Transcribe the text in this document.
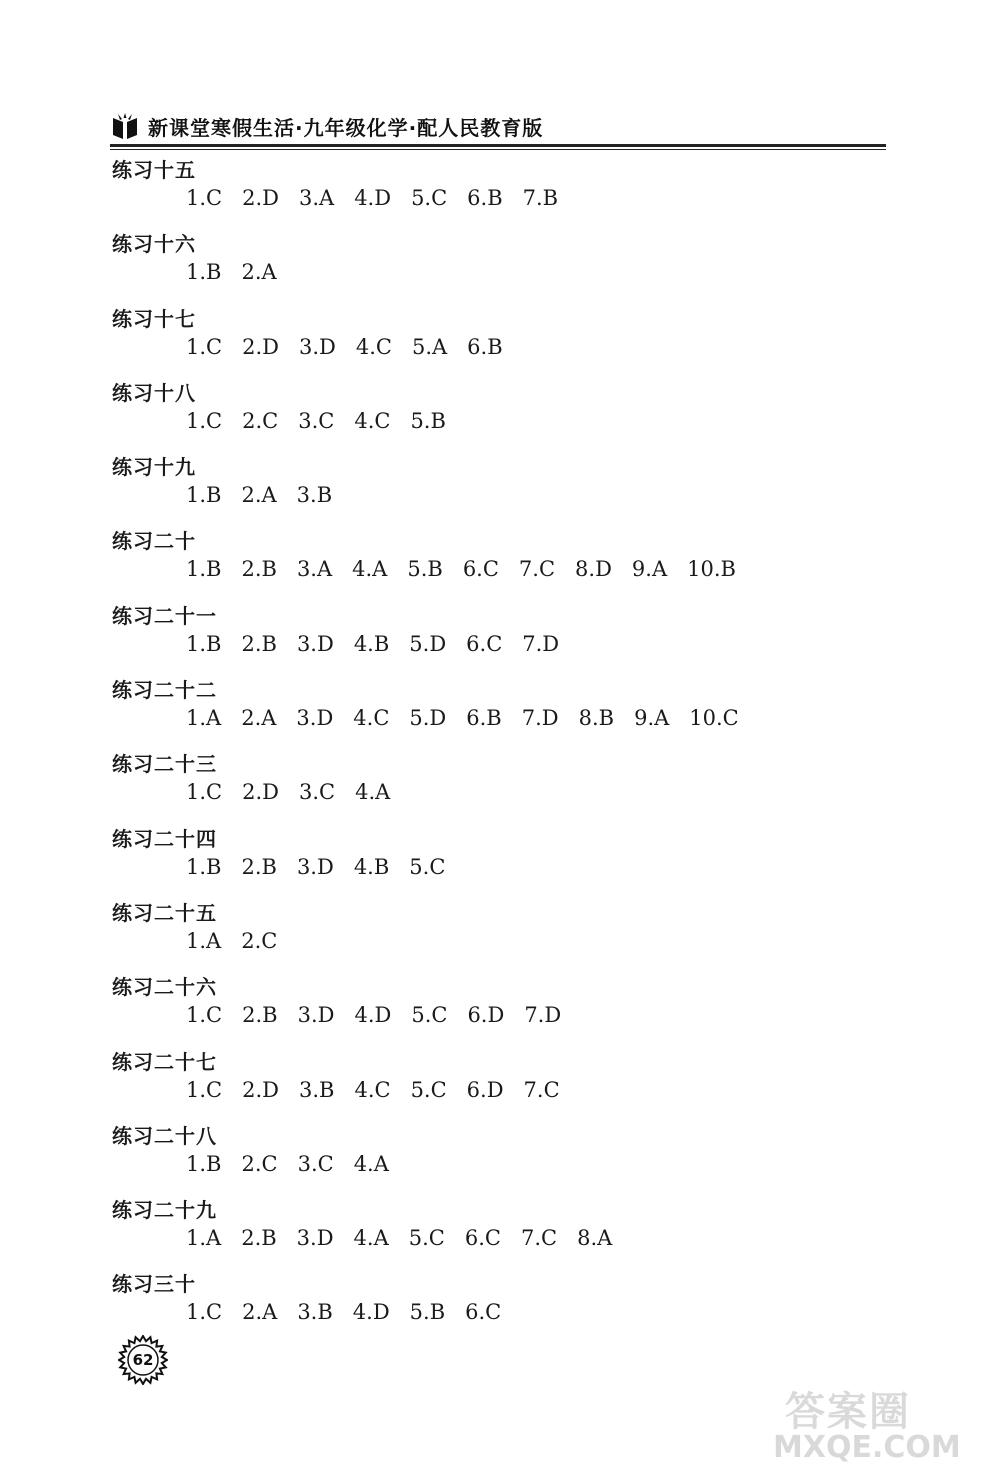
新课堂寒假生活·九年级化学·配人民教育版
练习十五
1.C 2.D 3.A 4.D 5.C 6.B 7.B
练习十六
1.B 2.A
练习十七
1.C 2.D 3.D 4.C 5.A 6.B
练习十八
1.C 2.C 3.C 4.C 5.B
练习十九
1.B 2.A 3.B
练习二十
1.B 2.B 3.A 4.A 5.B 6.C 7.C 8.D 9.A 10.B
练习二十一
1.B 2.B 3.D 4.B 5.D 6.C 7.D
练习二十二
1.A 2.A 3.D 4.C 5.D 6.B 7.D 8.B 9.A 10.C
练习二十三
1.C 2.D 3.C 4.A
练习二十四
1.B 2.B 3.D 4.B 5.C
练习二十五
1.A 2.C
练习二十六
1.C 2.B 3.D 4.D 5.C 6.D 7.D
练习二十七
1.C 2.D 3.B 4.C 5.C 6.D 7.C
练习二十八
1.B 2.C 3.C 4.A
练习二十九
1.A 2.B 3.D 4.A 5.C 6.C 7.C 8.A
练习三十
1.C 2.A 3.B 4.D 5.B 6.C
62
答案圈
MXQE.COM
